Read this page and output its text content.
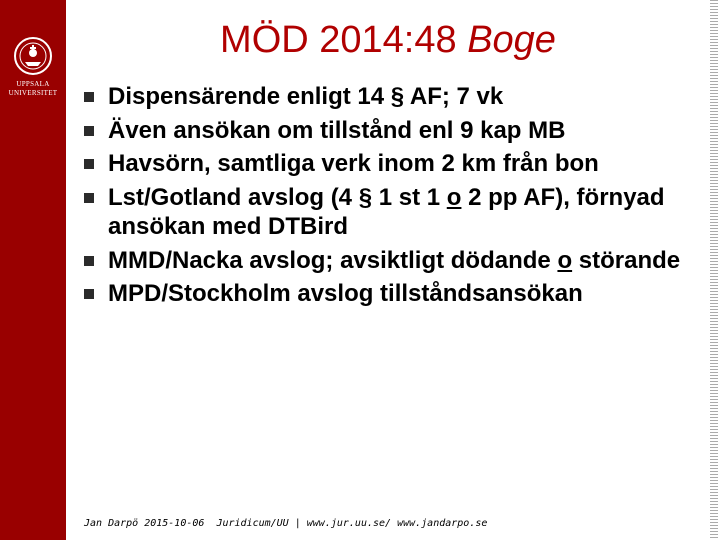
UPPSALA
UNIVERSITET
MÖD 2014:48 Boge
Dispensärende enligt 14 § AF; 7 vk
Även ansökan om tillstånd enl 9 kap MB
Havsörn, samtliga verk inom 2 km från bon
Lst/Gotland avslog (4 § 1 st 1 o 2 pp AF), förnyad ansökan med DTBird
MMD/Nacka avslog; avsiktligt dödande o störande
MPD/Stockholm avslog tillståndsansökan
Jan Darpö 2015-10-06  Juridicum/UU | www.jur.uu.se/ www.jandarpo.se
